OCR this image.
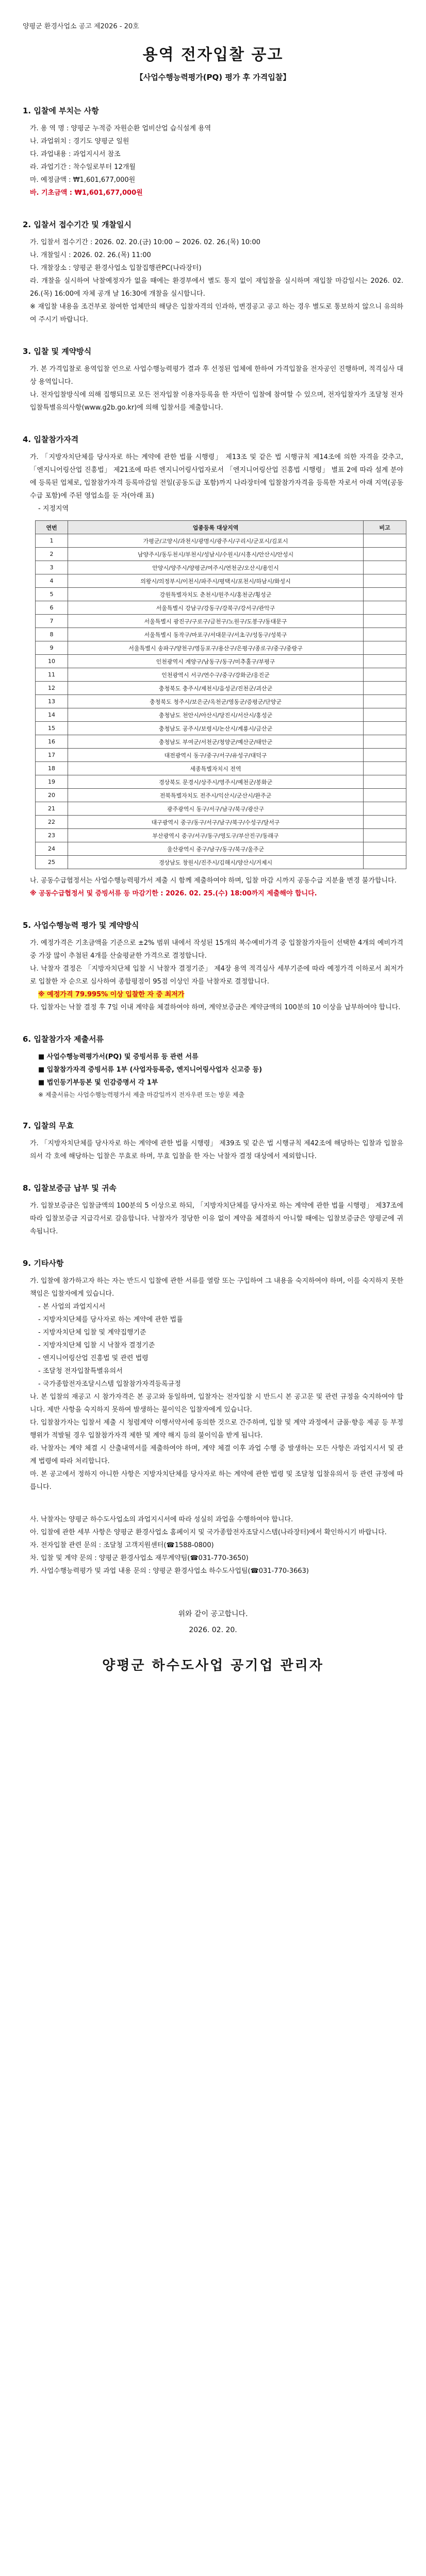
양평군 환경사업소 공고 제2026 - 20호
용역 전자입찰 공고
【사업수행능력평가(PQ) 평가 후 가격입찰】
1. 입찰에 부치는 사항
가. 용 역 명 : 양평군 누적증 자원순환 업비산업 습식설계 용역
나. 과업위치 : 경기도 양평군 일원
다. 과업내용 : 과업지시서 참조
라. 과업기간 : 착수일로부터 12개월
마. 예정금액 : ₩1,601,677,000원
바. 기초금액 : ₩1,601,677,000원
2. 입찰서 접수기간 및 개찰일시
가. 입찰서 접수기간 : 2026. 02. 20.(금) 10:00 ~ 2026. 02. 26.(목) 10:00
나. 개찰일시 : 2026. 02. 26.(목) 11:00
다. 개찰장소 : 양평군 환경사업소 입찰집행관PC(나라장터)
라. 개찰을 실시하여 낙찰예정자가 없을 때에는 환경부에서 별도 통지 없이 재입찰을 실시하며 재입찰 마감일시는 2026. 02. 26.(목) 16:00에 자체 공개 날 16:30에 개찰을 실시합니다.
※ 재입찰 내용을 조건부로 참여한 업체만의 해당은 입찰자격의 인과하, 변경공고 공고 하는 경우 별도로 통보하지 않으니 유의하여 주시기 바랍니다.
3. 입찰 및 계약방식
가. 본 가격입찰로 용역입찰 언으로 사업수행능력평가 결과 후 선정된 업체에 한하여 가격입찰을 전자공인 진행하며, 적격심사 대상 용역입니다.
나. 전자입찰방식에 의해 집행되므로 모든 전자입찰 이용자등록을 한 자만이 입찰에 참여할 수 있으며, 전자입찰자가 조달청 전자입찰특별유의사항(www.g2b.go.kr)에 의해 입찰서를 제출합니다.
4. 입찰참가자격
가. 「지방자치단체를 당사자로 하는 계약에 관한 법률 시행령」 제13조 및 같은 법 시행규칙 제14조에 의한 자격을 갖추고, 「엔지니어링산업 진흥법」 제21조에 따른 엔지니어링사업자로서 「엔지니어링산업 진흥법 시행령」 별표 2에 따라 설계 분야에 등록된 업체로, 입찰참가자격 등록마감일 전일(공동도급 포함)까지 나라장터에 입찰참가자격을 등록한 자로서 아래 지역(공동수급 포함)에 주된 영업소를 둔 자(아래 표)
- 지정지역
연번	업종등록 대상지역	비고
1	가평군/고양시/과천시/광명시/광주시/구리시/군포시/김포시	
2	남양주시/동두천시/부천시/성남시/수원시/시흥시/안산시/안성시	
3	안양시/양주시/양평군/여주시/연천군/오산시/용인시	
4	의왕시/의정부시/이천시/파주시/평택시/포천시/하남시/화성시	
5	강원특별자치도 춘천시/원주시/홍천군/횡성군	
6	서울특별시 강남구/강동구/강북구/강서구/관악구	
7	서울특별시 광진구/구로구/금천구/노원구/도봉구/동대문구	
8	서울특별시 동작구/마포구/서대문구/서초구/성동구/성북구	
9	서울특별시 송파구/양천구/영등포구/용산구/은평구/종로구/중구/중랑구	
10	인천광역시 계양구/남동구/동구/미추홀구/부평구	
11	인천광역시 서구/연수구/중구/강화군/옹진군	
12	충청북도 충주시/제천시/음성군/진천군/괴산군	
13	충청북도 청주시/보은군/옥천군/영동군/증평군/단양군	
14	충청남도 천안시/아산시/당진시/서산시/홍성군	
15	충청남도 공주시/보령시/논산시/계룡시/금산군	
16	충청남도 부여군/서천군/청양군/예산군/태안군	
17	대전광역시 동구/중구/서구/유성구/대덕구	
18	세종특별자치시 전역	
19	경상북도 문경시/상주시/영주시/예천군/봉화군	
20	전북특별자치도 전주시/익산시/군산시/완주군	
21	광주광역시 동구/서구/남구/북구/광산구	
22	대구광역시 중구/동구/서구/남구/북구/수성구/달서구	
23	부산광역시 중구/서구/동구/영도구/부산진구/동래구	
24	울산광역시 중구/남구/동구/북구/울주군	
25	경상남도 창원시/진주시/김해시/양산시/거제시	
나. 공동수급협정서는 사업수행능력평가서 제출 시 함께 제출하여야 하며, 입찰 마감 시까지 공동수급 지분율 변경 불가합니다.
※ 공동수급협정서 및 증빙서류 등 마감기한 : 2026. 02. 25.(수) 18:00까지 제출해야 합니다.
5. 사업수행능력 평가 및 계약방식
가. 예정가격은 기초금액을 기준으로 ±2% 범위 내에서 작성된 15개의 복수예비가격 중 입찰참가자들이 선택한 4개의 예비가격 중 가장 많이 추첨된 4개를 산술평균한 가격으로 결정합니다.
나. 낙찰자 결정은 「지방자치단체 입찰 시 낙찰자 결정기준」 제4장 용역 적격심사 세부기준에 따라 예정가격 이하로서 최저가로 입찰한 자 순으로 심사하여 종합평점이 95점 이상인 자를 낙찰자로 결정합니다.
※ 예정가격 79.995% 이상 입찰한 자 중 최저가
다. 입찰자는 낙찰 결정 후 7일 이내 계약을 체결하여야 하며, 계약보증금은 계약금액의 100분의 10 이상을 납부하여야 합니다.
6. 입찰참가자 제출서류
■ 사업수행능력평가서(PQ) 및 증빙서류 등 관련 서류
■ 입찰참가자격 증빙서류 1부 (사업자등록증, 엔지니어링사업자 신고증 등)
■ 법인등기부등본 및 인감증명서 각 1부
※ 제출서류는 사업수행능력평가서 제출 마감일까지 전자우편 또는 방문 제출
7. 입찰의 무효
가. 「지방자치단체를 당사자로 하는 계약에 관한 법률 시행령」 제39조 및 같은 법 시행규칙 제42조에 해당하는 입찰과 입찰유의서 각 호에 해당하는 입찰은 무효로 하며, 무효 입찰을 한 자는 낙찰자 결정 대상에서 제외합니다.
8. 입찰보증금 납부 및 귀속
가. 입찰보증금은 입찰금액의 100분의 5 이상으로 하되, 「지방자치단체를 당사자로 하는 계약에 관한 법률 시행령」 제37조에 따라 입찰보증금 지급각서로 갈음합니다. 낙찰자가 정당한 이유 없이 계약을 체결하지 아니할 때에는 입찰보증금은 양평군에 귀속됩니다.
9. 기타사항
가. 입찰에 참가하고자 하는 자는 반드시 입찰에 관한 서류를 열람 또는 구입하여 그 내용을 숙지하여야 하며, 이를 숙지하지 못한 책임은 입찰자에게 있습니다.
- 본 사업의 과업지시서
- 지방자치단체를 당사자로 하는 계약에 관한 법률
- 지방자치단체 입찰 및 계약집행기준
- 지방자치단체 입찰 시 낙찰자 결정기준
- 엔지니어링산업 진흥법 및 관련 법령
- 조달청 전자입찰특별유의서
- 국가종합전자조달시스템 입찰참가자격등록규정
나. 본 입찰의 재공고 시 참가자격은 본 공고와 동일하며, 입찰자는 전자입찰 시 반드시 본 공고문 및 관련 규정을 숙지하여야 합니다. 제반 사항을 숙지하지 못하여 발생하는 불이익은 입찰자에게 있습니다.
다. 입찰참가자는 입찰서 제출 시 청렴계약 이행서약서에 동의한 것으로 간주하며, 입찰 및 계약 과정에서 금품·향응 제공 등 부정행위가 적발될 경우 입찰참가자격 제한 및 계약 해지 등의 불이익을 받게 됩니다.
라. 낙찰자는 계약 체결 시 산출내역서를 제출하여야 하며, 계약 체결 이후 과업 수행 중 발생하는 모든 사항은 과업지시서 및 관계 법령에 따라 처리합니다.
마. 본 공고에서 정하지 아니한 사항은 지방자치단체를 당사자로 하는 계약에 관한 법령 및 조달청 입찰유의서 등 관련 규정에 따릅니다.
사. 낙찰자는 양평군 하수도사업소의 과업지시서에 따라 성실히 과업을 수행하여야 합니다.
아. 입찰에 관한 세부 사항은 양평군 환경사업소 홈페이지 및 국가종합전자조달시스템(나라장터)에서 확인하시기 바랍니다.
자. 전자입찰 관련 문의 : 조달청 고객지원센터(☎1588-0800)
차. 입찰 및 계약 문의 : 양평군 환경사업소 재무계약팀(☎031-770-3650)
카. 사업수행능력평가 및 과업 내용 문의 : 양평군 환경사업소 하수도사업팀(☎031-770-3663)
위와 같이 공고합니다.
2026. 02. 20.
양평군 하수도사업 공기업 관리자
